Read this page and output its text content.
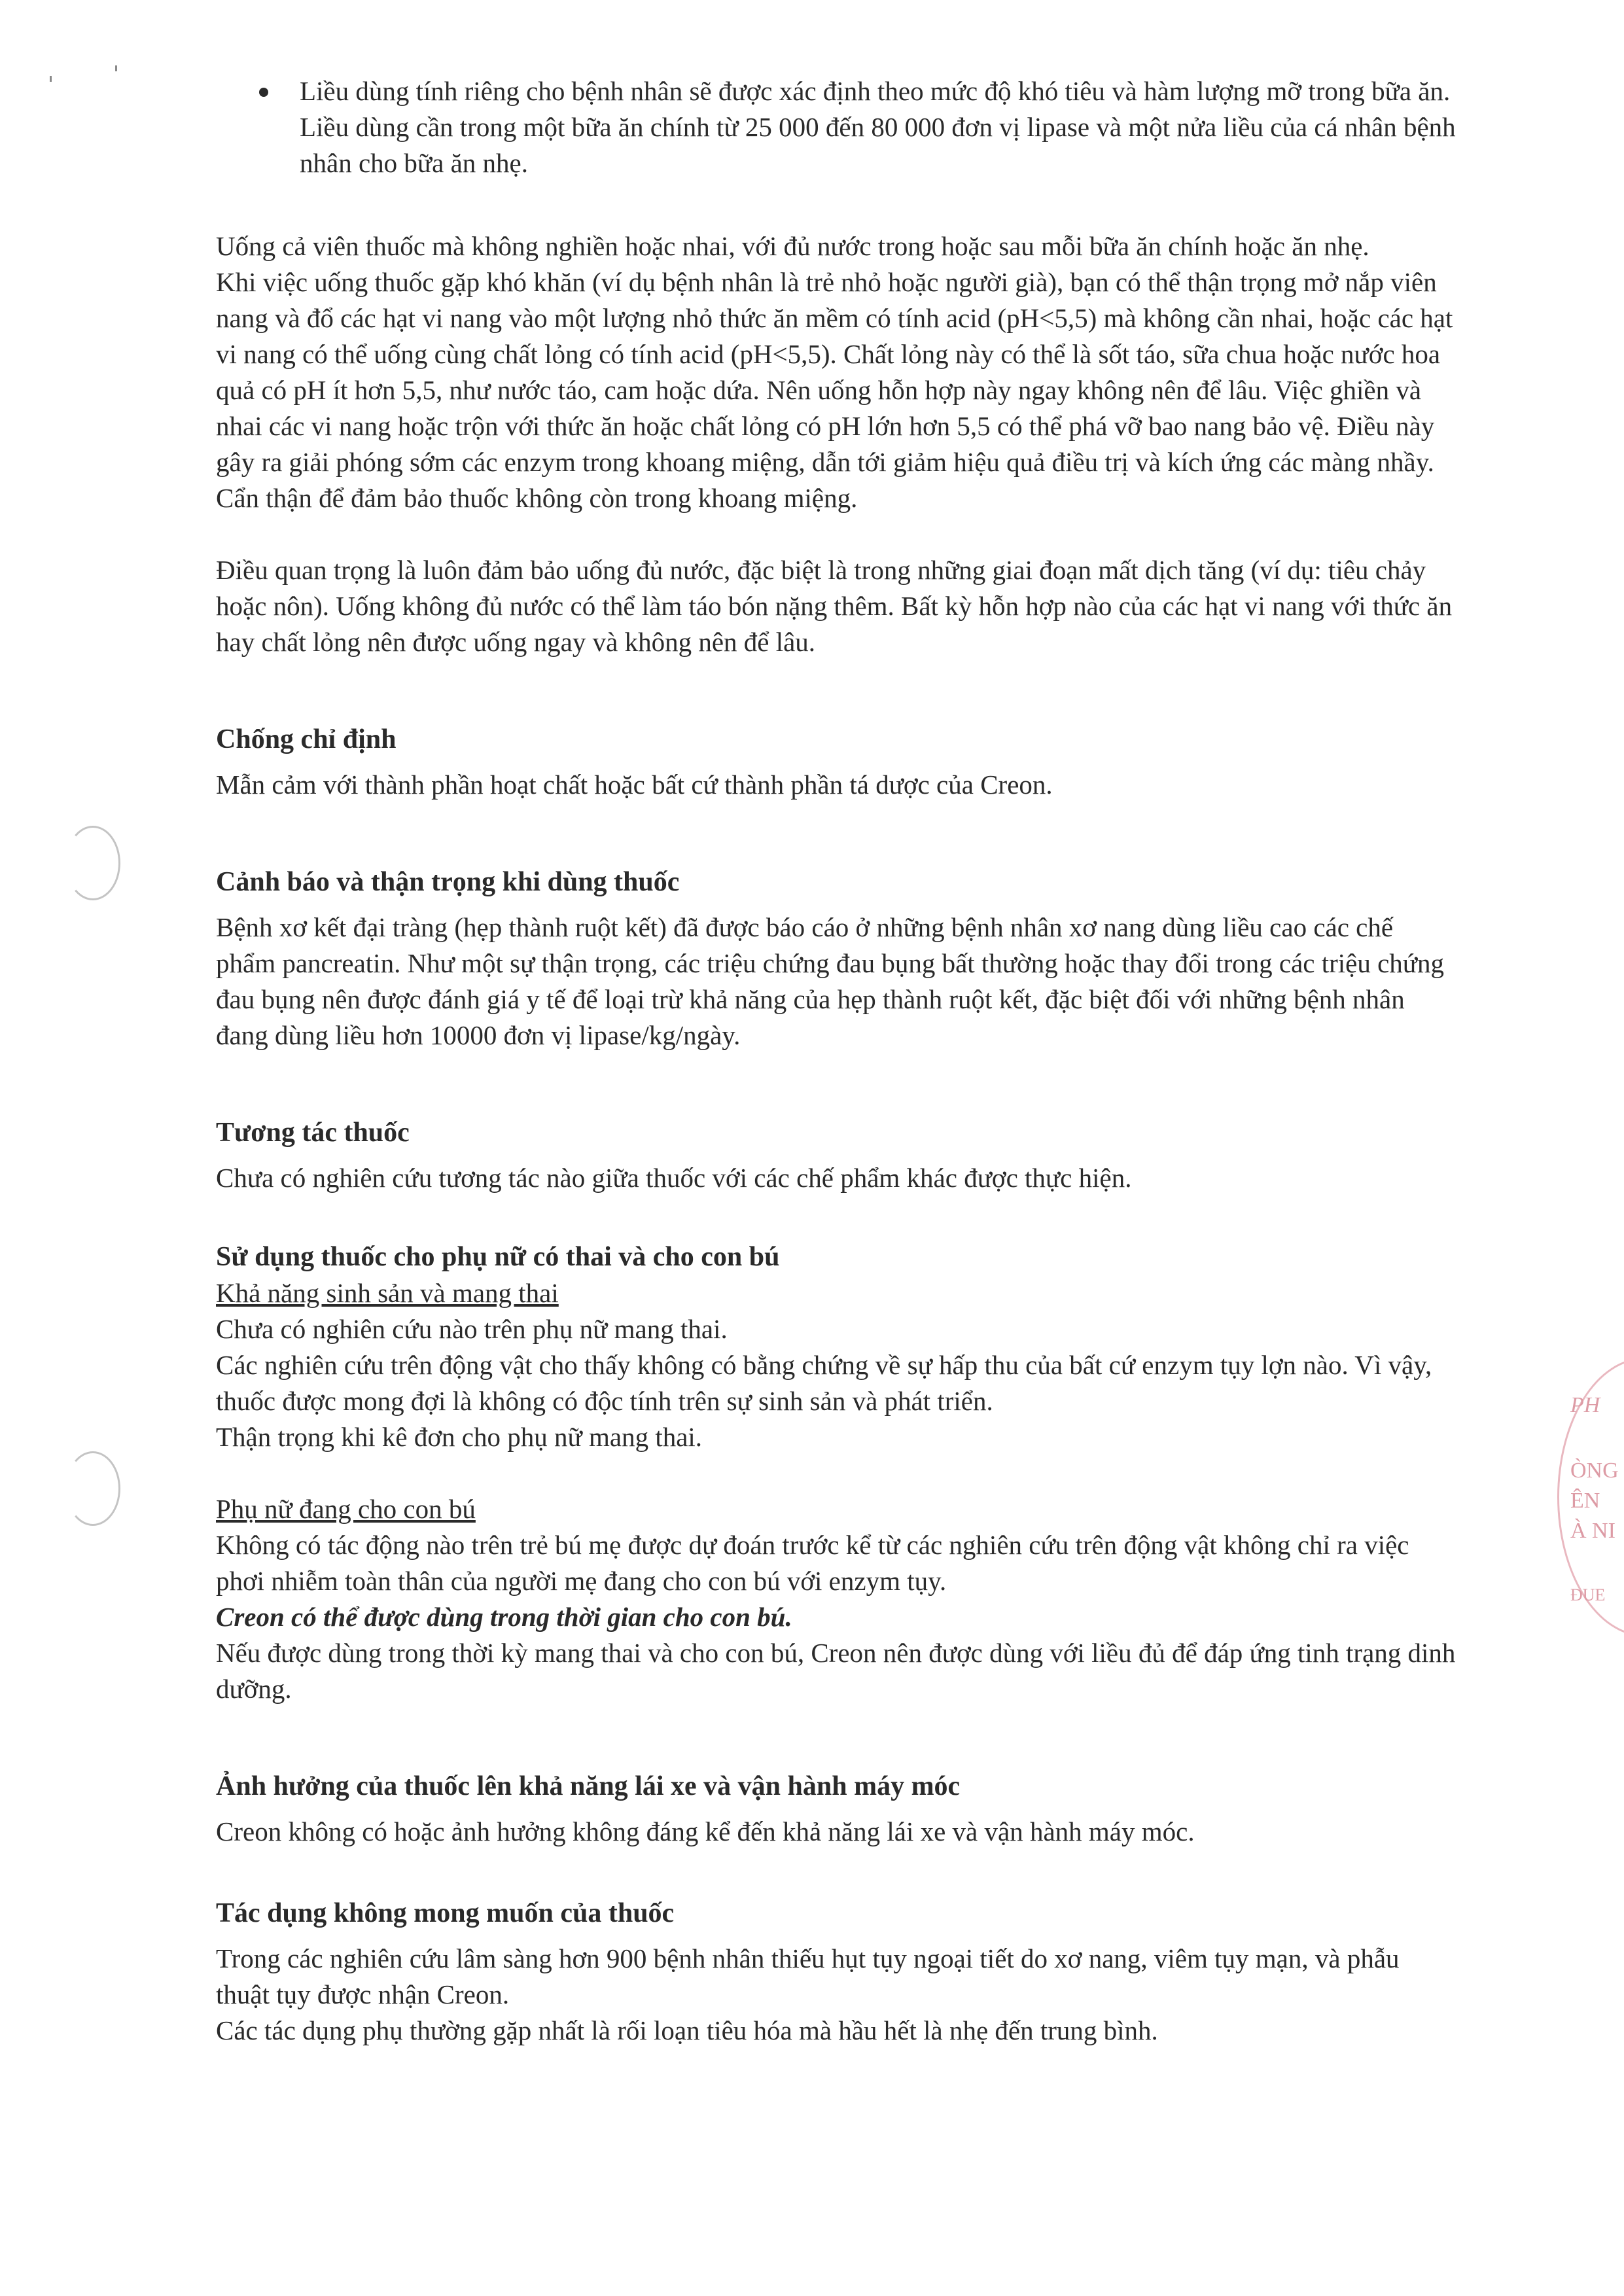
PH
ÒNG
ÊN
À NI
ĐUE

Liều dùng tính riêng cho bệnh nhân sẽ được xác định theo mức độ khó tiêu và hàm lượng mỡ trong bữa ăn. Liều dùng cần trong một bữa ăn chính từ 25 000 đến 80 000 đơn vị lipase và một nửa liều của cá nhân bệnh nhân cho bữa ăn nhẹ.

Uống cả viên thuốc mà không nghiền hoặc nhai, với đủ nước trong hoặc sau mỗi bữa ăn chính hoặc ăn nhẹ.

Khi việc uống thuốc gặp khó khăn (ví dụ bệnh nhân là trẻ nhỏ hoặc người già), bạn có thể thận trọng mở nắp viên nang và đổ các hạt vi nang vào một lượng nhỏ thức ăn mềm có tính acid (pH<5,5) mà không cần nhai, hoặc các hạt vi nang có thể uống cùng chất lỏng có tính acid (pH<5,5). Chất lỏng này có thể là sốt táo, sữa chua hoặc nước hoa quả có pH ít hơn 5,5, như nước táo, cam hoặc dứa. Nên uống hỗn hợp này ngay không nên để lâu. Việc ghiền và nhai các vi nang hoặc trộn với thức ăn hoặc chất lỏng có pH lớn hơn 5,5 có thể phá vỡ bao nang bảo vệ. Điều này gây ra giải phóng sớm các enzym trong khoang miệng, dẫn tới giảm hiệu quả điều trị và kích ứng các màng nhầy. Cẩn thận để đảm bảo thuốc không còn trong khoang miệng.

Điều quan trọng là luôn đảm bảo uống đủ nước, đặc biệt là trong những giai đoạn mất dịch tăng (ví dụ: tiêu chảy hoặc nôn). Uống không đủ nước có thể làm táo bón nặng thêm. Bất kỳ hỗn hợp nào của các hạt vi nang với thức ăn hay chất lỏng nên được uống ngay và không nên để lâu.

Chống chỉ định

Mẫn cảm với thành phần hoạt chất hoặc bất cứ thành phần tá dược của Creon.

Cảnh báo và thận trọng khi dùng thuốc

Bệnh xơ kết đại tràng (hẹp thành ruột kết) đã được báo cáo ở những bệnh nhân xơ nang dùng liều cao các chế phẩm pancreatin. Như một sự thận trọng, các triệu chứng đau bụng bất thường hoặc thay đổi trong các triệu chứng đau bụng nên được đánh giá y tế để loại trừ khả năng của hẹp thành ruột kết, đặc biệt đối với những bệnh nhân đang dùng liều hơn 10000 đơn vị lipase/kg/ngày.

Tương tác thuốc

Chưa có nghiên cứu tương tác nào giữa thuốc với các chế phẩm khác được thực hiện.

Sử dụng thuốc cho phụ nữ có thai và cho con bú

Khả năng sinh sản và mang thai

Chưa có nghiên cứu nào trên phụ nữ mang thai.

Các nghiên cứu trên động vật cho thấy không có bằng chứng về sự hấp thu của bất cứ enzym tụy lợn nào. Vì vậy, thuốc được mong đợi là không có độc tính trên sự sinh sản và phát triển.

Thận trọng khi kê đơn cho phụ nữ mang thai.

Phụ nữ đang cho con bú

Không có tác động nào trên trẻ bú mẹ được dự đoán trước kể từ các nghiên cứu trên động vật không chỉ ra việc phơi nhiễm toàn thân của người mẹ đang cho con bú với enzym tụy.

Creon có thể được dùng trong thời gian cho con bú.

Nếu được dùng trong thời kỳ mang thai và cho con bú, Creon nên được dùng với liều đủ để đáp ứng tinh trạng dinh dưỡng.

Ảnh hưởng của thuốc lên khả năng lái xe và vận hành máy móc

Creon không có hoặc ảnh hưởng không đáng kể đến khả năng lái xe và vận hành máy móc.

Tác dụng không mong muốn của thuốc

Trong các nghiên cứu lâm sàng hơn 900 bệnh nhân thiếu hụt tụy ngoại tiết do xơ nang, viêm tụy mạn, và phẫu thuật tụy được nhận Creon.

Các tác dụng phụ thường gặp nhất là rối loạn tiêu hóa mà hầu hết là nhẹ đến trung bình.
